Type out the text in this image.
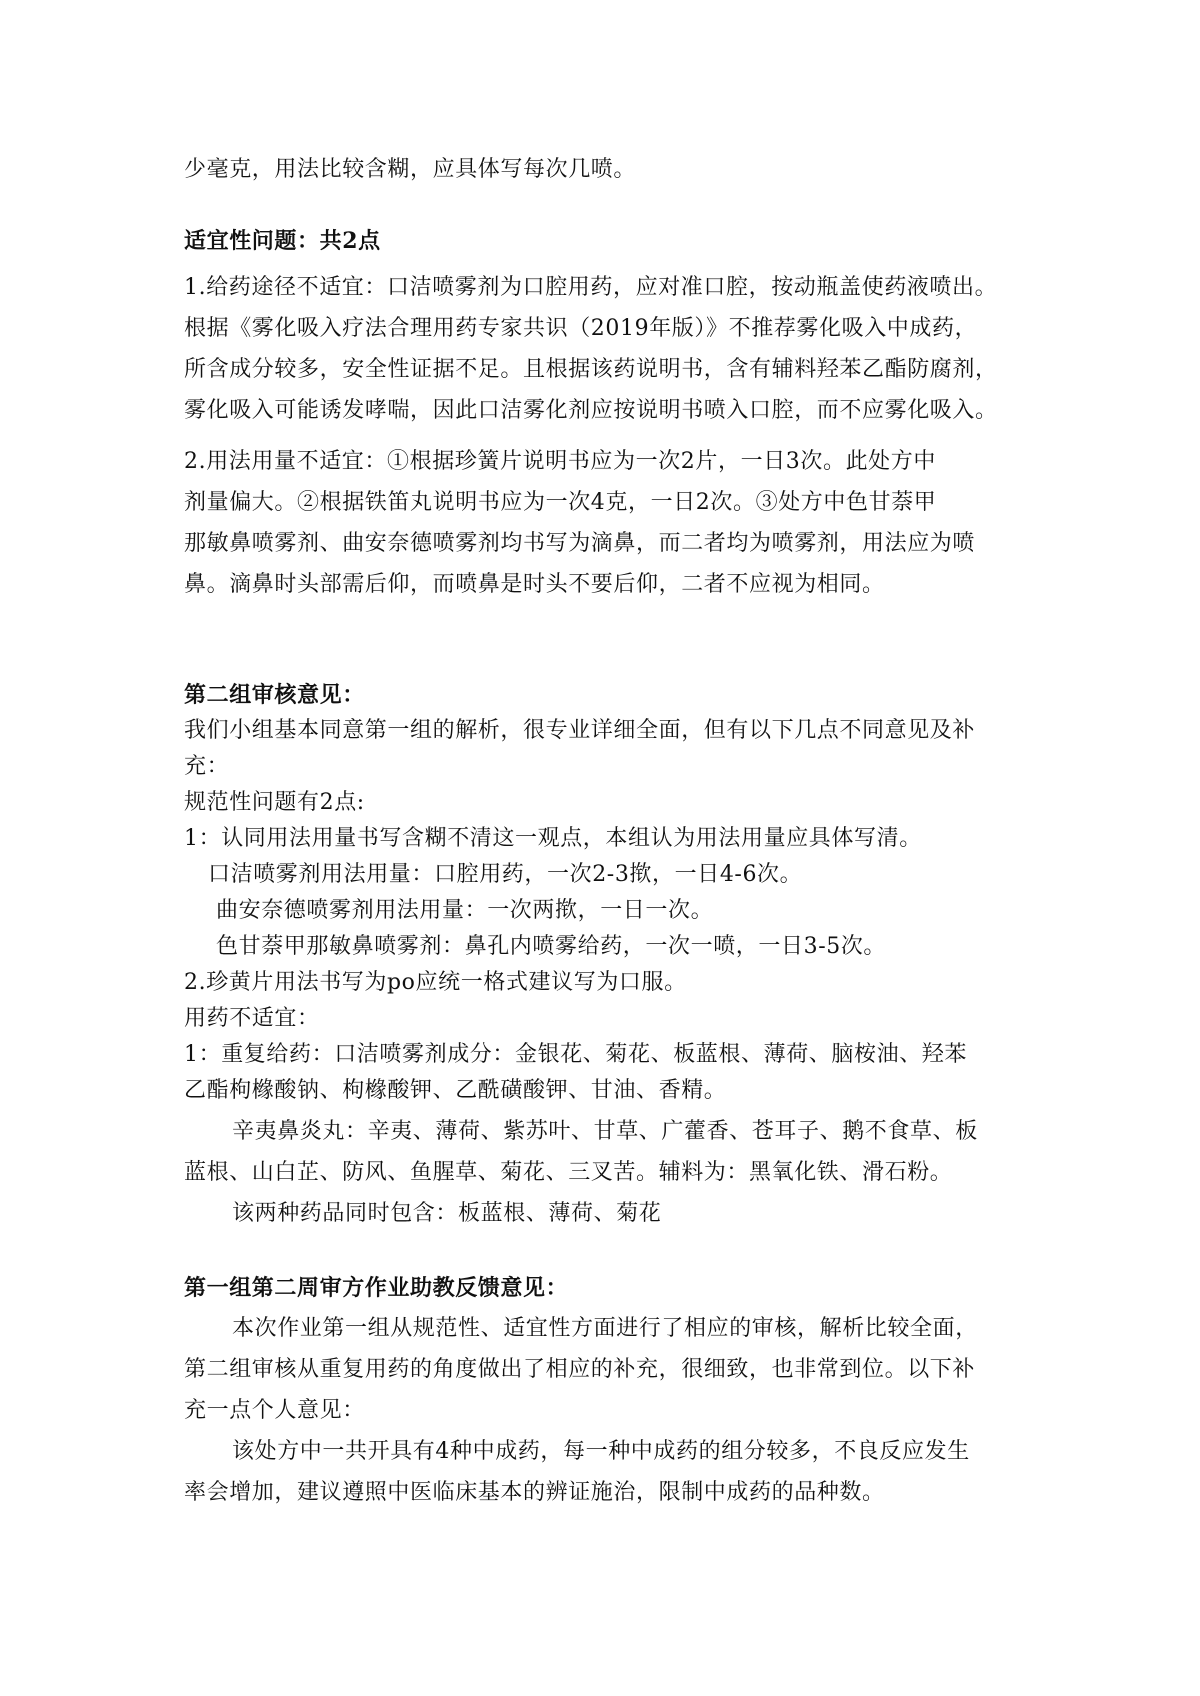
少毫克，用法比较含糊，应具体写每次几喷。
适宜性问题：共2点
1.给药途径不适宜：口洁喷雾剂为口腔用药，应对准口腔，按动瓶盖使药液喷出。
根据《雾化吸入疗法合理用药专家共识（2019年版）》不推荐雾化吸入中成药，
所含成分较多，安全性证据不足。且根据该药说明书，含有辅料羟苯乙酯防腐剂，
雾化吸入可能诱发哮喘，因此口洁雾化剂应按说明书喷入口腔，而不应雾化吸入。
2.用法用量不适宜：①根据珍簧片说明书应为一次2片，一日3次。此处方中
剂量偏大。②根据铁笛丸说明书应为一次4克，一日2次。③处方中色甘萘甲
那敏鼻喷雾剂、曲安奈德喷雾剂均书写为滴鼻，而二者均为喷雾剂，用法应为喷
鼻。滴鼻时头部需后仰，而喷鼻是时头不要后仰，二者不应视为相同。
第二组审核意见：
我们小组基本同意第一组的解析，很专业详细全面，但有以下几点不同意见及补
充：
规范性问题有2点:
1：认同用法用量书写含糊不清这一观点，本组认为用法用量应具体写清。
口洁喷雾剂用法用量：口腔用药，一次2-3揿，一日4-6次。
曲安奈德喷雾剂用法用量：一次两揿，一日一次。
色甘萘甲那敏鼻喷雾剂：鼻孔内喷雾给药，一次一喷，一日3-5次。
2.珍黄片用法书写为po应统一格式建议写为口服。
用药不适宜：
1：重复给药：口洁喷雾剂成分：金银花、菊花、板蓝根、薄荷、脑桉油、羟苯
乙酯枸橼酸钠、枸橼酸钾、乙酰磺酸钾、甘油、香精。
辛夷鼻炎丸：辛夷、薄荷、紫苏叶、甘草、广藿香、苍耳子、鹅不食草、板
蓝根、山白芷、防风、鱼腥草、菊花、三叉苦。辅料为：黑氧化铁、滑石粉。
该两种药品同时包含：板蓝根、薄荷、菊花
第一组第二周审方作业助教反馈意见：
本次作业第一组从规范性、适宜性方面进行了相应的审核，解析比较全面，
第二组审核从重复用药的角度做出了相应的补充，很细致，也非常到位。以下补
充一点个人意见：
该处方中一共开具有4种中成药，每一种中成药的组分较多，不良反应发生
率会增加，建议遵照中医临床基本的辨证施治，限制中成药的品种数。
